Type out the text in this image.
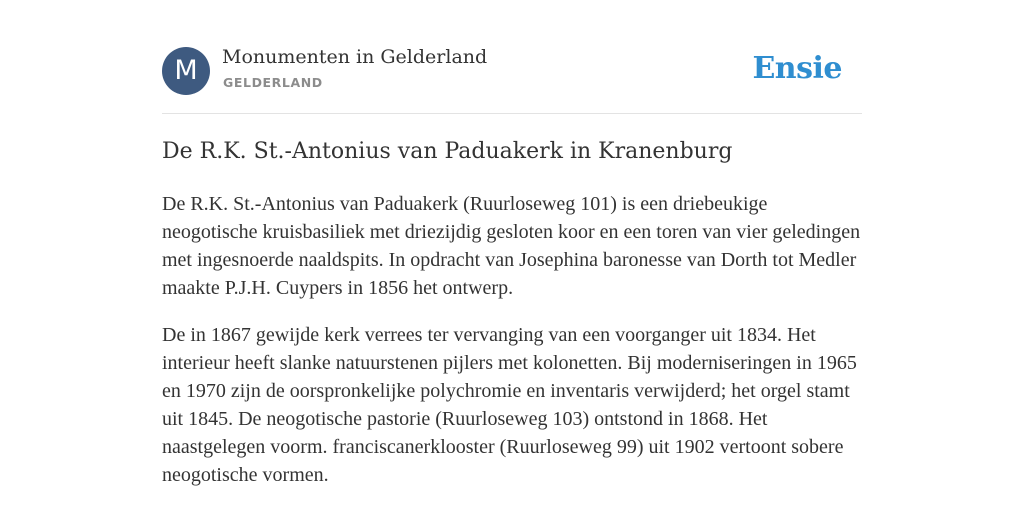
M	Monumenten in Gelderland
GELDERLAND	Ensie
De R.K. St.-Antonius van Paduakerk in Kranenburg

De R.K. St.-Antonius van Paduakerk (Ruurloseweg 101) is een driebeukige neogotische kruisbasiliek met driezijdig gesloten koor en een toren van vier geledingen met ingesnoerde naaldspits. In opdracht van Josephina baronesse van Dorth tot Medler maakte P.J.H. Cuypers in 1856 het ontwerp.

De in 1867 gewijde kerk verrees ter vervanging van een voorganger uit 1834. Het interieur heeft slanke natuurstenen pijlers met kolonetten. Bij moderniseringen in 1965 en 1970 zijn de oorspronkelijke polychromie en inventaris verwijderd; het orgel stamt uit 1845. De neogotische pastorie (Ruurloseweg 103) ontstond in 1868. Het naastgelegen voorm. franciscanerklooster (Ruurloseweg 99) uit 1902 vertoont sobere neogotische vormen.
